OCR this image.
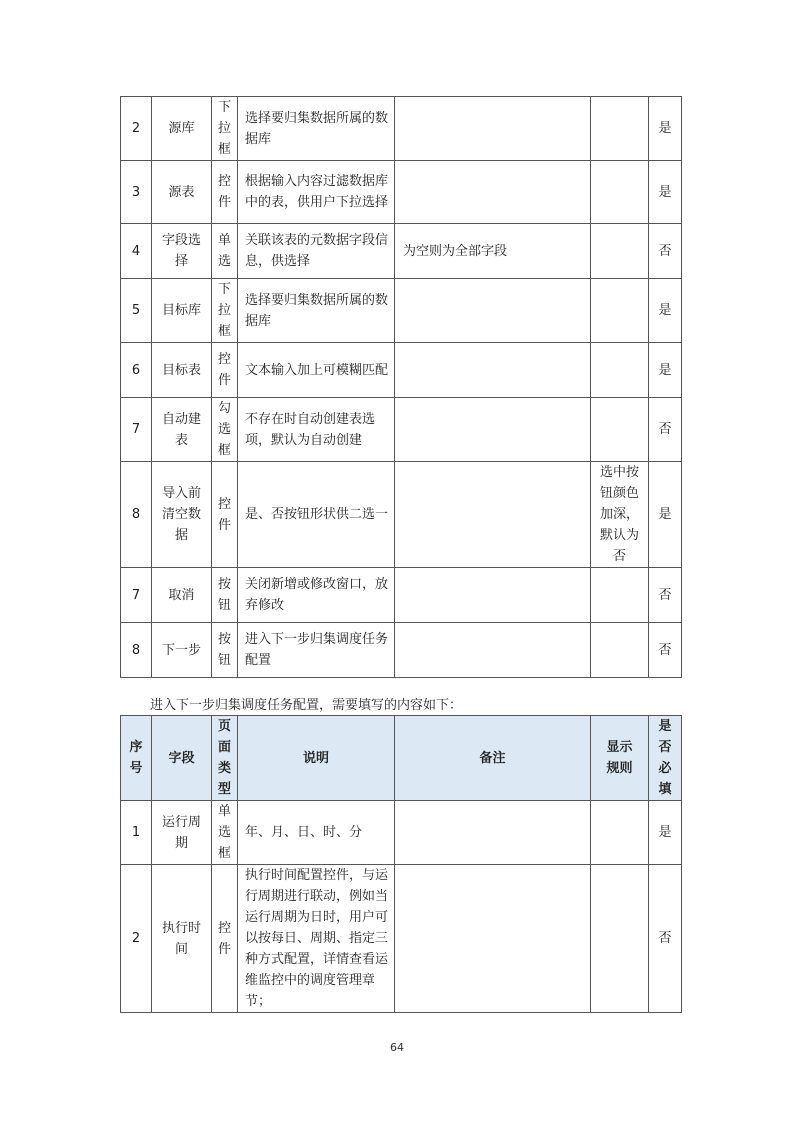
2	源库	下拉框	选择要归集数据所属的数据库			是
3	源表	控件	根据输入内容过滤数据库中的表，供用户下拉选择			是
4	字段选择	单选	关联该表的元数据字段信息，供选择	为空则为全部字段		否
5	目标库	下拉框	选择要归集数据所属的数据库			是
6	目标表	控件	文本输入加上可模糊匹配			是
7	自动建表	勾选框	不存在时自动创建表选项，默认为自动创建			否
8	导入前清空数据	控件	是、否按钮形状供二选一		选中按钮颜色加深，默认为否	是
7	取消	按钮	关闭新增或修改窗口，放弃修改			否
8	下一步	按钮	进入下一步归集调度任务配置			否
进入下一步归集调度任务配置，需要填写的内容如下：
序号	字段	页面类型	说明	备注	显示规则	是否必填
1	运行周期	单选框	年、月、日、时、分			是
2	执行时间	控件	执行时间配置控件，与运行周期进行联动，例如当运行周期为日时，用户可以按每日、周期、指定三种方式配置，详情查看运维监控中的调度管理章节；			否
64
